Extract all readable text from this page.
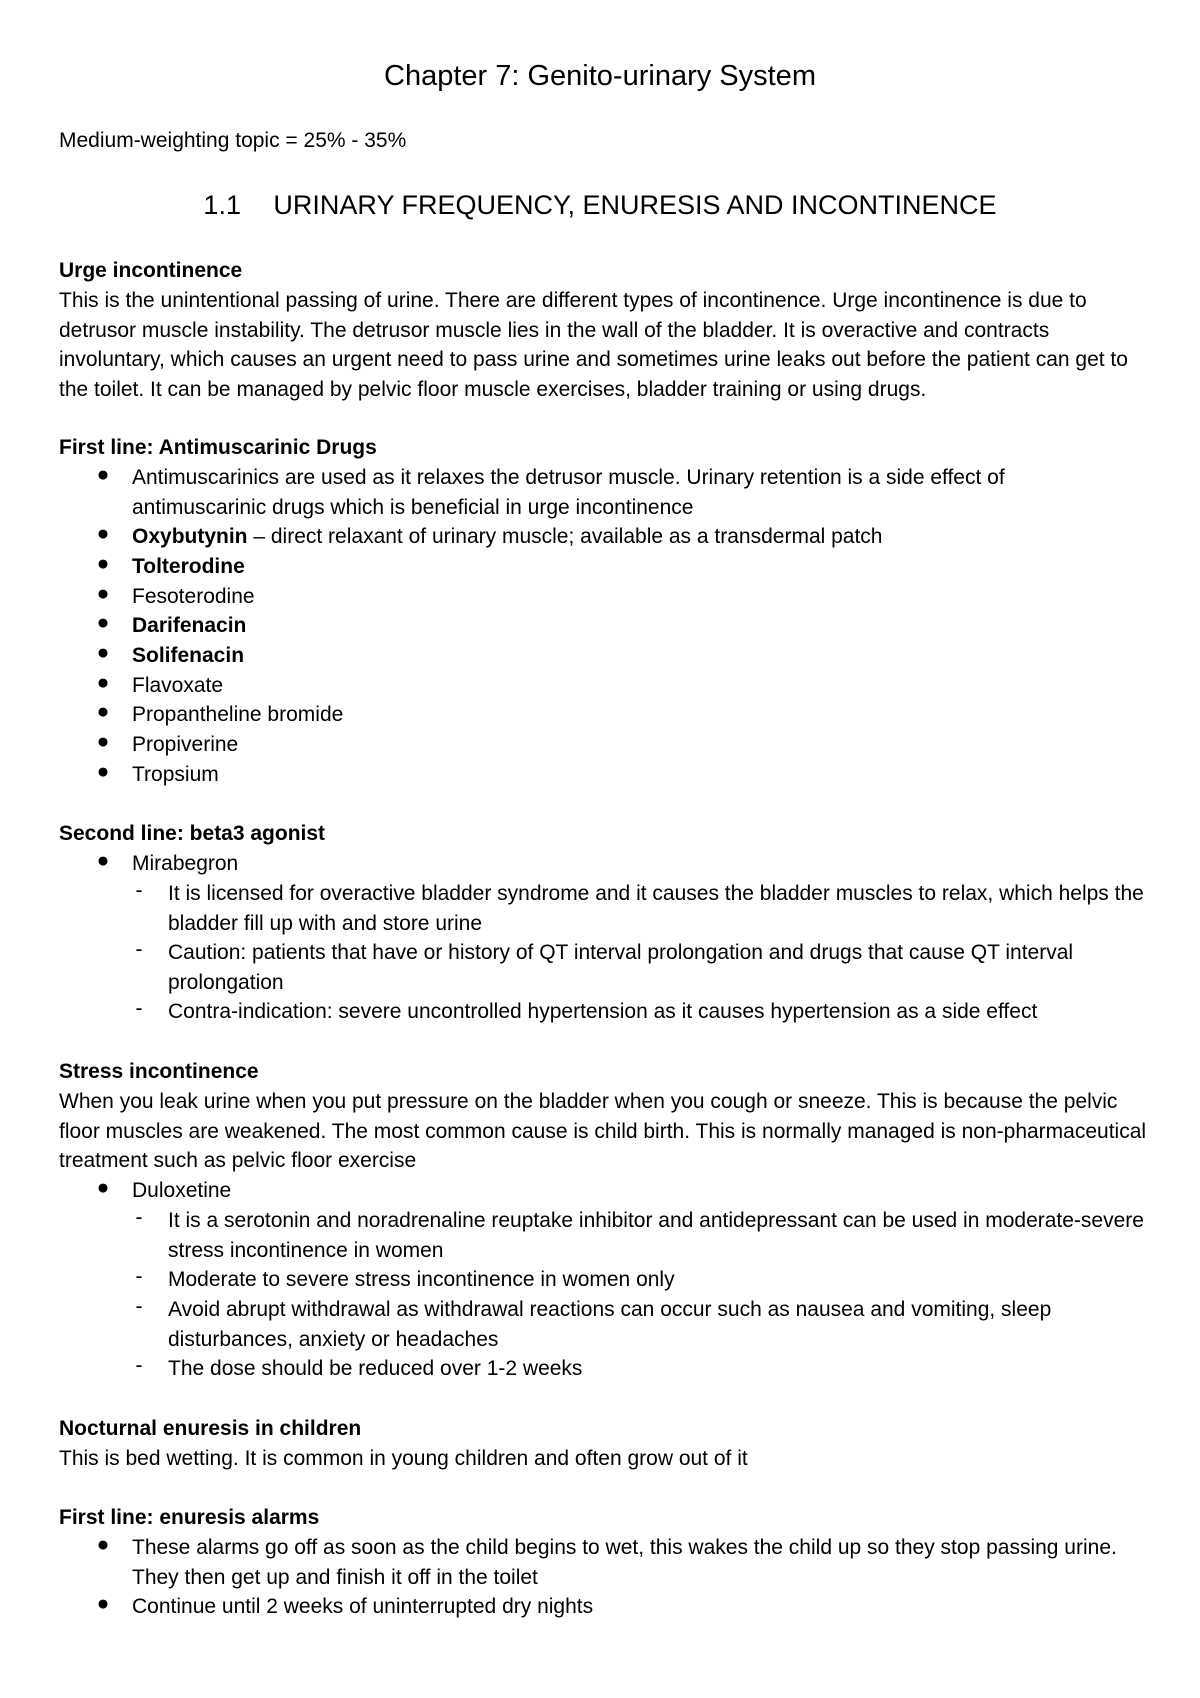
Chapter 7: Genito-urinary System
Medium-weighting topic = 25% - 35%
1.1 URINARY FREQUENCY, ENURESIS AND INCONTINENCE
Urge incontinence
This is the unintentional passing of urine. There are different types of incontinence. Urge incontinence is due to detrusor muscle instability. The detrusor muscle lies in the wall of the bladder. It is overactive and contracts involuntary, which causes an urgent need to pass urine and sometimes urine leaks out before the patient can get to the toilet. It can be managed by pelvic floor muscle exercises, bladder training or using drugs.
First line: Antimuscarinic Drugs
● Antimuscarinics are used as it relaxes the detrusor muscle. Urinary retention is a side effect of antimuscarinic drugs which is beneficial in urge incontinence
● Oxybutynin – direct relaxant of urinary muscle; available as a transdermal patch
● Tolterodine
● Fesoterodine
● Darifenacin
● Solifenacin
● Flavoxate
● Propantheline bromide
● Propiverine
● Tropsium
Second line: beta3 agonist
● Mirabegron
- It is licensed for overactive bladder syndrome and it causes the bladder muscles to relax, which helps the bladder fill up with and store urine
- Caution: patients that have or history of QT interval prolongation and drugs that cause QT interval prolongation
- Contra-indication: severe uncontrolled hypertension as it causes hypertension as a side effect
Stress incontinence
When you leak urine when you put pressure on the bladder when you cough or sneeze. This is because the pelvic floor muscles are weakened. The most common cause is child birth. This is normally managed is non-pharmaceutical treatment such as pelvic floor exercise
● Duloxetine
- It is a serotonin and noradrenaline reuptake inhibitor and antidepressant can be used in moderate-severe stress incontinence in women
- Moderate to severe stress incontinence in women only
- Avoid abrupt withdrawal as withdrawal reactions can occur such as nausea and vomiting, sleep disturbances, anxiety or headaches
- The dose should be reduced over 1-2 weeks
Nocturnal enuresis in children
This is bed wetting. It is common in young children and often grow out of it
First line: enuresis alarms
● These alarms go off as soon as the child begins to wet, this wakes the child up so they stop passing urine. They then get up and finish it off in the toilet
● Continue until 2 weeks of uninterrupted dry nights
